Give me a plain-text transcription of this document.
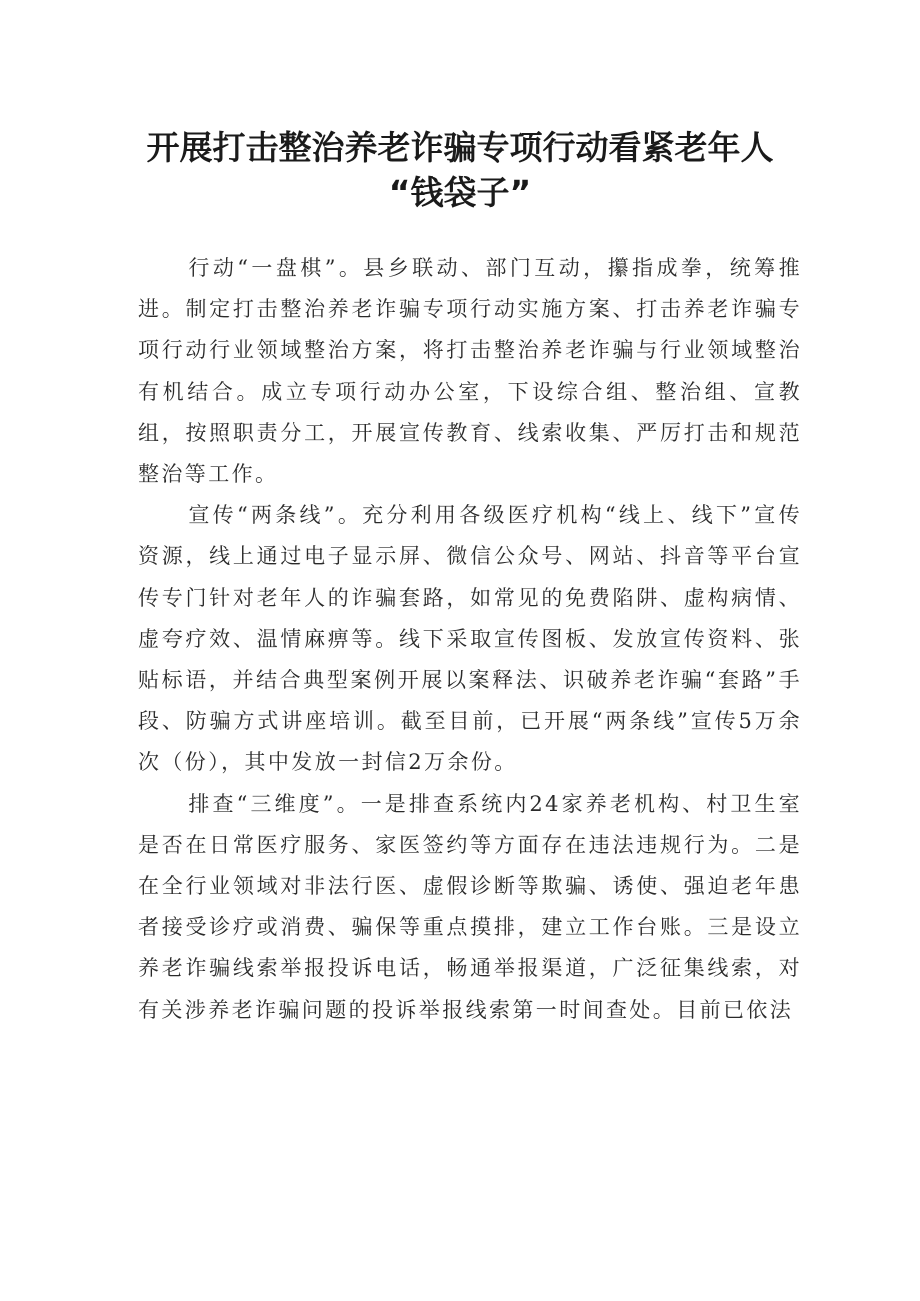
开展打击整治养老诈骗专项行动看紧老年人
“钱袋子”

行动“一盘棋”。县乡联动、部门互动，攥指成拳，统筹推进。制定打击整治养老诈骗专项行动实施方案、打击养老诈骗专项行动行业领域整治方案，将打击整治养老诈骗与行业领域整治有机结合。成立专项行动办公室，下设综合组、整治组、宣教组，按照职责分工，开展宣传教育、线索收集、严厉打击和规范整治等工作。

宣传“两条线”。充分利用各级医疗机构“线上、线下”宣传资源，线上通过电子显示屏、微信公众号、网站、抖音等平台宣传专门针对老年人的诈骗套路，如常见的免费陷阱、虚构病情、虚夸疗效、温情麻痹等。线下采取宣传图板、发放宣传资料、张贴标语，并结合典型案例开展以案释法、识破养老诈骗“套路”手段、防骗方式讲座培训。截至目前，已开展“两条线”宣传5万余次（份），其中发放一封信2万余份。

排查“三维度”。一是排查系统内24家养老机构、村卫生室是否在日常医疗服务、家医签约等方面存在违法违规行为。二是在全行业领域对非法行医、虚假诊断等欺骗、诱使、强迫老年患者接受诊疗或消费、骗保等重点摸排，建立工作台账。三是设立养老诈骗线索举报投诉电话，畅通举报渠道，广泛征集线索，对有关涉养老诈骗问题的投诉举报线索第一时间查处。目前已依法
